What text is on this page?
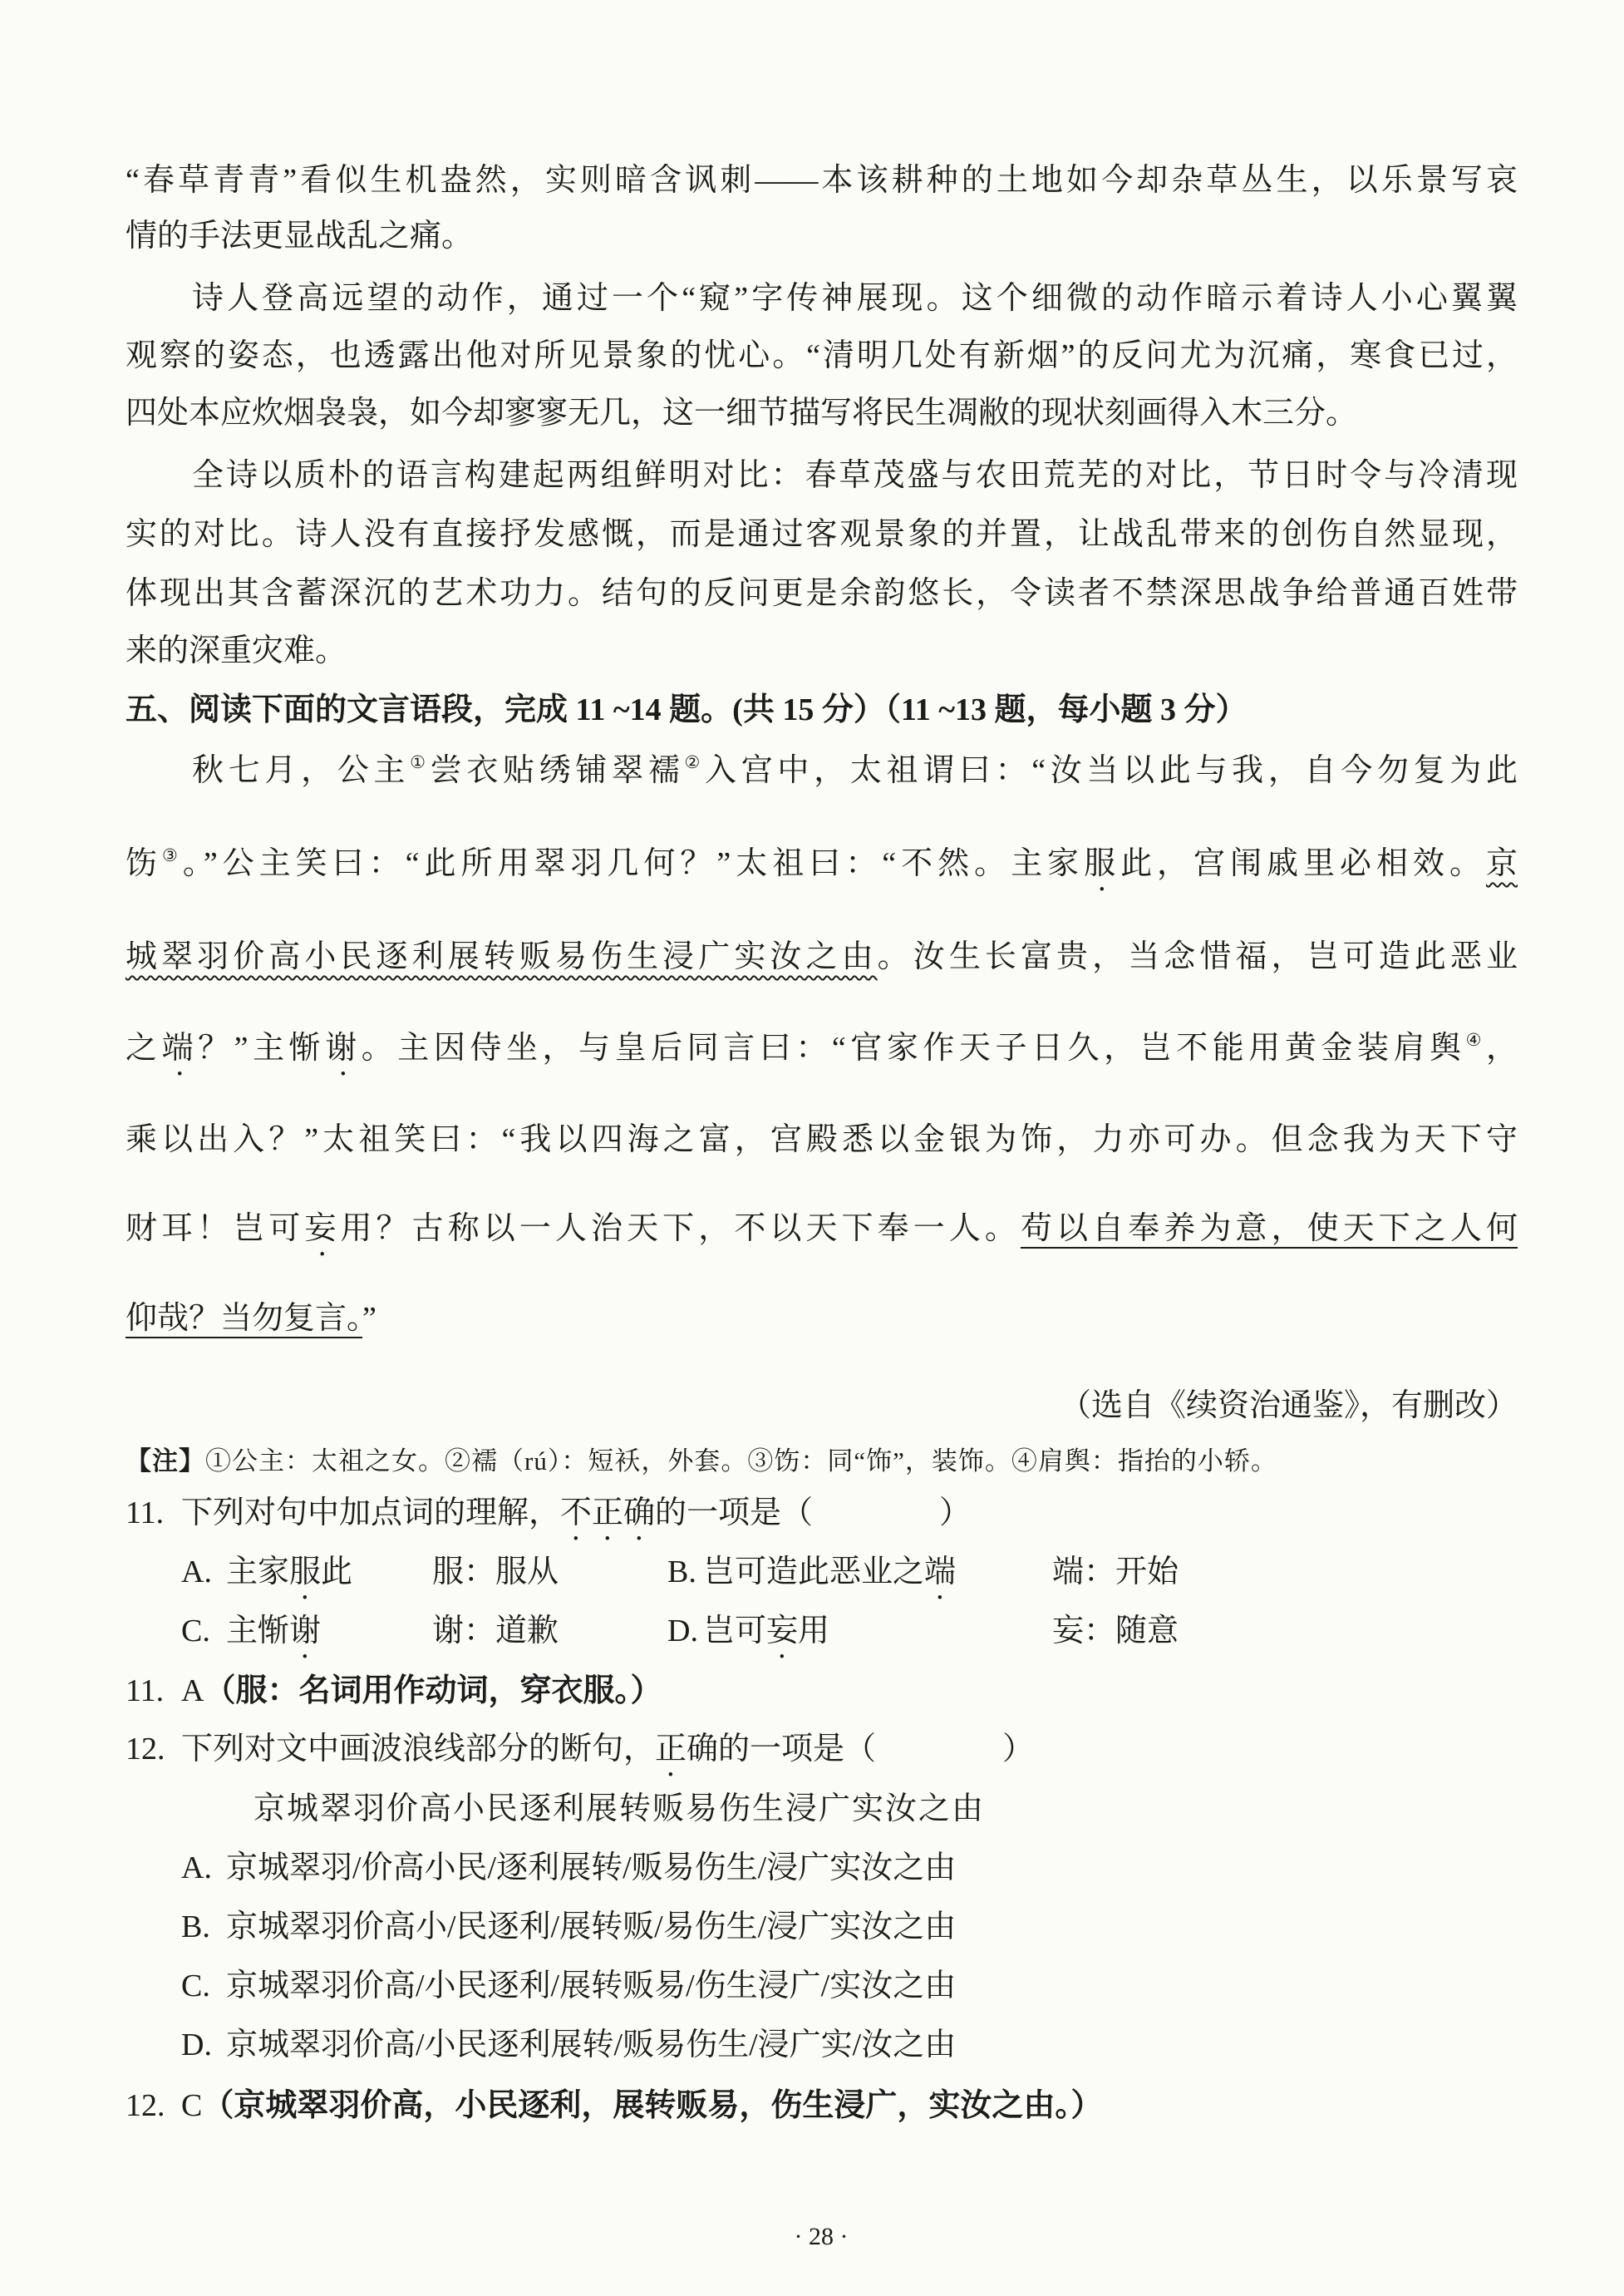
“春草青青”看似生机盎然，实则暗含讽刺——本该耕种的土地如今却杂草丛生，以乐景写哀
情的手法更显战乱之痛。
诗人登高远望的动作，通过一个“窥”字传神展现。这个细微的动作暗示着诗人小心翼翼
观察的姿态，也透露出他对所见景象的忧心。“清明几处有新烟”的反问尤为沉痛，寒食已过，
四处本应炊烟袅袅，如今却寥寥无几，这一细节描写将民生凋敝的现状刻画得入木三分。
全诗以质朴的语言构建起两组鲜明对比：春草茂盛与农田荒芜的对比，节日时令与冷清现
实的对比。诗人没有直接抒发感慨，而是通过客观景象的并置，让战乱带来的创伤自然显现，
体现出其含蓄深沉的艺术功力。结句的反问更是余韵悠长，令读者不禁深思战争给普通百姓带
来的深重灾难。
五、阅读下面的文言语段，完成 11 ~14 题。(共 15 分）（11 ~13 题，每小题 3 分）
秋七月，公主①尝衣贴绣铺翠襦②入宫中，太祖谓曰：“汝当以此与我，自今勿复为此
饬③。”公主笑曰：“此所用翠羽几何？”太祖曰：“不然。主家服此，宫闱戚里必相效。京
城翠羽价高小民逐利展转贩易伤生浸广实汝之由。汝生长富贵，当念惜福，岂可造此恶业
之端？”主惭谢。主因侍坐，与皇后同言曰：“官家作天子日久，岂不能用黄金装肩舆④，
乘以出入？”太祖笑曰：“我以四海之富，宫殿悉以金银为饰，力亦可办。但念我为天下守
财耳！岂可妄用？古称以一人治天下，不以天下奉一人。苟以自奉养为意，使天下之人何
仰哉？当勿复言。”
（选自《续资治通鉴》，有删改）
【注】①公主：太祖之女。②襦（rú）：短袄，外套。③饬：同“饰”，装饰。④肩舆：指抬的小轿。
11. 下列对句中加点词的理解，不正确的一项是（　　　　）
A. 主家服此	服：服从	B. 岂可造此恶业之端	端：开始
C. 主惭谢	谢：道歉	D. 岂可妄用	妄：随意
11. A（服：名词用作动词，穿衣服。）
12. 下列对文中画波浪线部分的断句，正确的一项是（　　　　）
京城翠羽价高小民逐利展转贩易伤生浸广实汝之由
A. 京城翠羽/价高小民/逐利展转/贩易伤生/浸广实汝之由
B. 京城翠羽价高小/民逐利/展转贩/易伤生/浸广实汝之由
C. 京城翠羽价高/小民逐利/展转贩易/伤生浸广/实汝之由
D. 京城翠羽价高/小民逐利展转/贩易伤生/浸广实/汝之由
12. C（京城翠羽价高，小民逐利，展转贩易，伤生浸广，实汝之由。）
· 28 ·
